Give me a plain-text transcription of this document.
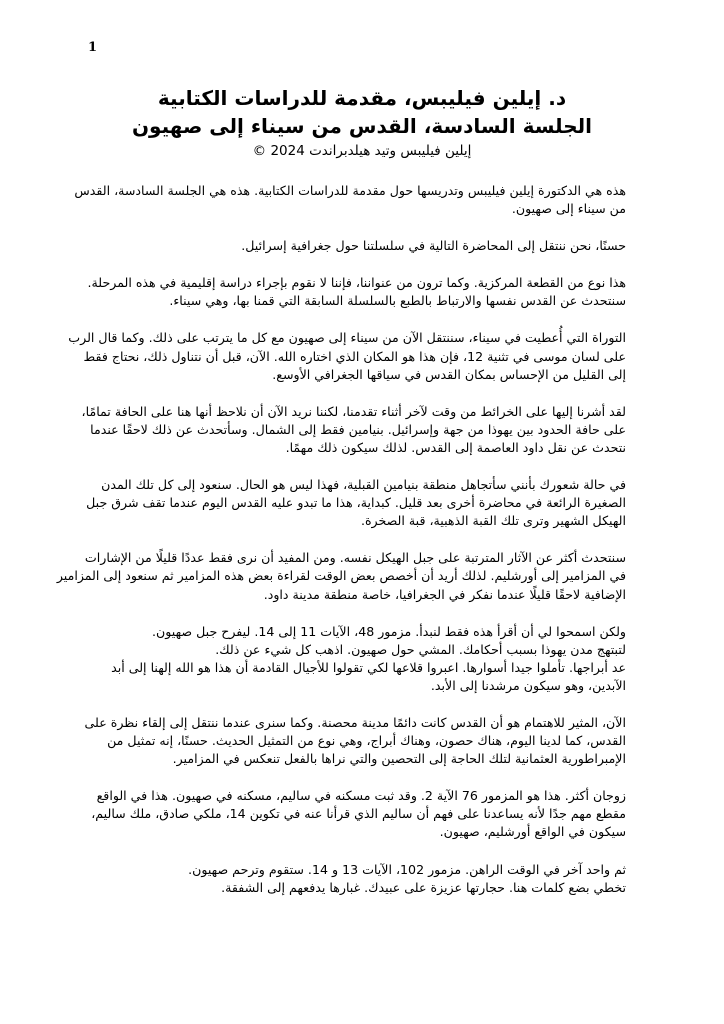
1
د. إيلين فيليبس، مقدمة للدراسات الكتابية
الجلسة السادسة، القدس من سيناء إلى صهيون
إيلين فيليبس وتيد هيلدبراندت 2024 ©
هذه هي الدكتورة إيلين فيليبس وتدريسها حول مقدمة للدراسات الكتابية. هذه هي الجلسة السادسة، القدس
من سيناء إلى صهيون.
حسنًا، نحن ننتقل إلى المحاضرة التالية في سلسلتنا حول جغرافية إسرائيل.
هذا نوع من القطعة المركزية. وكما ترون من عنواننا، فإننا لا نقوم بإجراء دراسة إقليمية في هذه المرحلة.
سنتحدث عن القدس نفسها والارتباط بالطبع بالسلسلة السابقة التي قمنا بها، وهي سيناء.
التوراة التي أُعطيت في سيناء، سننتقل الآن من سيناء إلى صهيون مع كل ما يترتب على ذلك. وكما قال الرب
على لسان موسى في تثنية 12، فإن هذا هو المكان الذي اختاره الله. الآن، قبل أن نتناول ذلك، نحتاج فقط
إلى القليل من الإحساس بمكان القدس في سياقها الجغرافي الأوسع.
لقد أشرنا إليها على الخرائط من وقت لآخر أثناء تقدمنا، لكننا نريد الآن أن نلاحظ أنها هنا على الحافة تمامًا،
على حافة الحدود بين يهوذا من جهة وإسرائيل. بنيامين فقط إلى الشمال. وسأتحدث عن ذلك لاحقًا عندما
نتحدث عن نقل داود العاصمة إلى القدس. لذلك سيكون ذلك مهمًا.
في حالة شعورك بأنني سأتجاهل منطقة بنيامين القبلية، فهذا ليس هو الحال. سنعود إلى كل تلك المدن
الصغيرة الرائعة في محاضرة أخرى بعد قليل. كبداية، هذا ما تبدو عليه القدس اليوم عندما تقف شرق جبل
الهيكل الشهير وترى تلك القبة الذهبية، قبة الصخرة.
سنتحدث أكثر عن الآثار المترتبة على جبل الهيكل نفسه. ومن المفيد أن نرى فقط عددًا قليلًا من الإشارات
في المزامير إلى أورشليم. لذلك أريد أن أخصص بعض الوقت لقراءة بعض هذه المزامير ثم سنعود إلى المزامير
الإضافية لاحقًا قليلًا عندما نفكر في الجغرافيا، خاصة منطقة مدينة داود.
ولكن اسمحوا لي أن أقرأ هذه فقط لنبدأ. مزمور 48، الآيات 11 إلى 14. ليفرح جبل صهيون.
لتبتهج مدن يهوذا بسبب أحكامك. المشي حول صهيون. اذهب كل شيء عن ذلك.
عد أبراجها. تأملوا جيدا أسوارها. اعبروا قلاعها لكي تقولوا للأجيال القادمة أن هذا هو الله إلهنا إلى أبد
الآبدين، وهو سيكون مرشدنا إلى الأبد.
الآن، المثير للاهتمام هو أن القدس كانت دائمًا مدينة محصنة. وكما سنرى عندما ننتقل إلى إلقاء نظرة على
القدس، كما لدينا اليوم، هناك حصون، وهناك أبراج، وهي نوع من التمثيل الحديث. حسنًا، إنه تمثيل من
الإمبراطورية العثمانية لتلك الحاجة إلى التحصين والتي نراها بالفعل تنعكس في المزامير.
زوجان أكثر. هذا هو المزمور 76 الآية 2. وقد ثبت مسكنه في ساليم، مسكنه في صهيون. هذا في الواقع
مقطع مهم جدًا لأنه يساعدنا على فهم أن ساليم الذي قرأنا عنه في تكوين 14، ملكي صادق، ملك ساليم،
سيكون في الواقع أورشليم، صهيون.
ثم واحد آخر في الوقت الراهن. مزمور 102، الآيات 13 و 14. ستقوم وترحم صهيون.
تخطي بضع كلمات هنا. حجارتها عزيزة على عبيدك. غبارها يدفعهم إلى الشفقة.
